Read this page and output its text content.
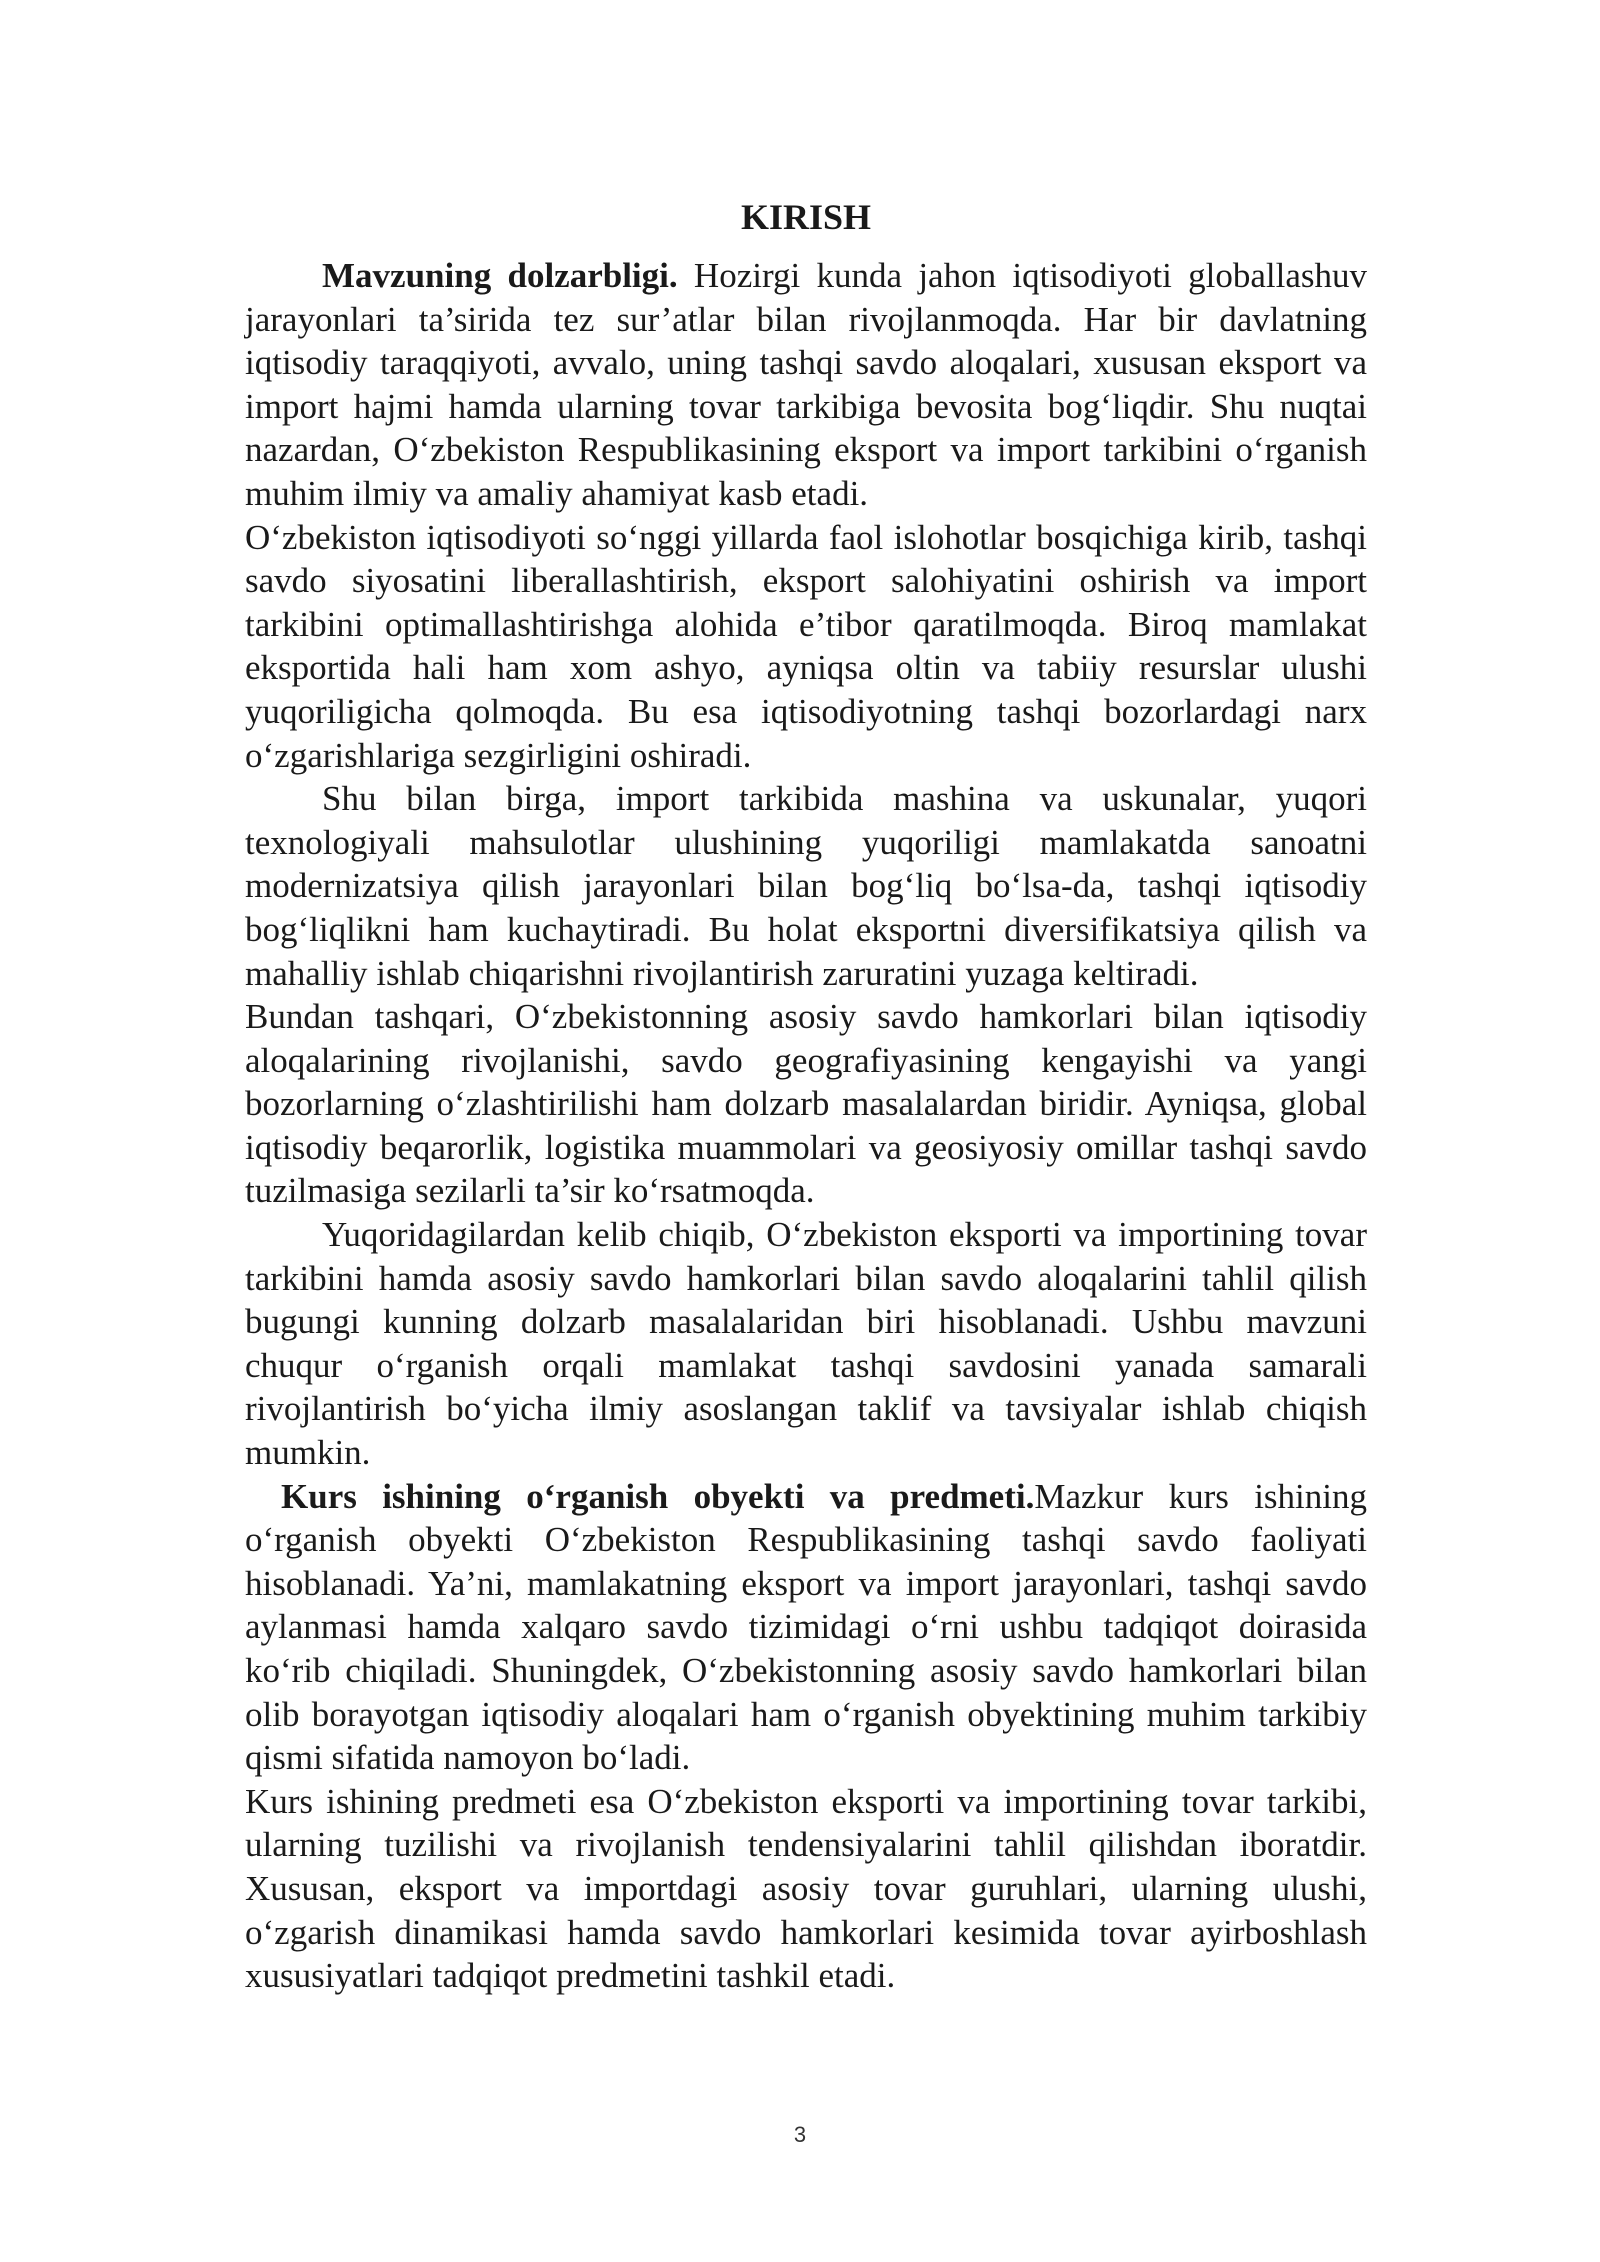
KIRISH

Mavzuning dolzarbligi. Hozirgi kunda jahon iqtisodiyoti globallashuv jarayonlari ta’sirida tez sur’atlar bilan rivojlanmoqda. Har bir davlatning iqtisodiy taraqqiyoti, avvalo, uning tashqi savdo aloqalari, xususan eksport va import hajmi hamda ularning tovar tarkibiga bevosita bog‘liqdir. Shu nuqtai nazardan, O‘zbekiston Respublikasining eksport va import tarkibini o‘rganish muhim ilmiy va amaliy ahamiyat kasb etadi.

O‘zbekiston iqtisodiyoti so‘nggi yillarda faol islohotlar bosqichiga kirib, tashqi savdo siyosatini liberallashtirish, eksport salohiyatini oshirish va import tarkibini optimallashtirishga alohida e’tibor qaratilmoqda. Biroq mamlakat eksportida hali ham xom ashyo, ayniqsa oltin va tabiiy resurslar ulushi yuqoriligicha qolmoqda. Bu esa iqtisodiyotning tashqi bozorlardagi narx o‘zgarishlariga sezgirligini oshiradi.

Shu bilan birga, import tarkibida mashina va uskunalar, yuqori texnologiyali mahsulotlar ulushining yuqoriligi mamlakatda sanoatni modernizatsiya qilish jarayonlari bilan bog‘liq bo‘lsa-da, tashqi iqtisodiy bog‘liqlikni ham kuchaytiradi. Bu holat eksportni diversifikatsiya qilish va mahalliy ishlab chiqarishni rivojlantirish zaruratini yuzaga keltiradi.

Bundan tashqari, O‘zbekistonning asosiy savdo hamkorlari bilan iqtisodiy aloqalarining rivojlanishi, savdo geografiyasining kengayishi va yangi bozorlarning o‘zlashtirilishi ham dolzarb masalalardan biridir. Ayniqsa, global iqtisodiy beqarorlik, logistika muammolari va geosiyosiy omillar tashqi savdo tuzilmasiga sezilarli ta’sir ko‘rsatmoqda.

Yuqoridagilardan kelib chiqib, O‘zbekiston eksporti va importining tovar tarkibini hamda asosiy savdo hamkorlari bilan savdo aloqalarini tahlil qilish bugungi kunning dolzarb masalalaridan biri hisoblanadi. Ushbu mavzuni chuqur o‘rganish orqali mamlakat tashqi savdosini yanada samarali rivojlantirish bo‘yicha ilmiy asoslangan taklif va tavsiyalar ishlab chiqish mumkin.

Kurs ishining o‘rganish obyekti va predmeti.Mazkur kurs ishining o‘rganish obyekti O‘zbekiston Respublikasining tashqi savdo faoliyati hisoblanadi. Ya’ni, mamlakatning eksport va import jarayonlari, tashqi savdo aylanmasi hamda xalqaro savdo tizimidagi o‘rni ushbu tadqiqot doirasida ko‘rib chiqiladi. Shuningdek, O‘zbekistonning asosiy savdo hamkorlari bilan olib borayotgan iqtisodiy aloqalari ham o‘rganish obyektining muhim tarkibiy qismi sifatida namoyon bo‘ladi.

Kurs ishining predmeti esa O‘zbekiston eksporti va importining tovar tarkibi, ularning tuzilishi va rivojlanish tendensiyalarini tahlil qilishdan iboratdir. Xususan, eksport va importdagi asosiy tovar guruhlari, ularning ulushi, o‘zgarish dinamikasi hamda savdo hamkorlari kesimida tovar ayirboshlash xususiyatlari tadqiqot predmetini tashkil etadi.

3
